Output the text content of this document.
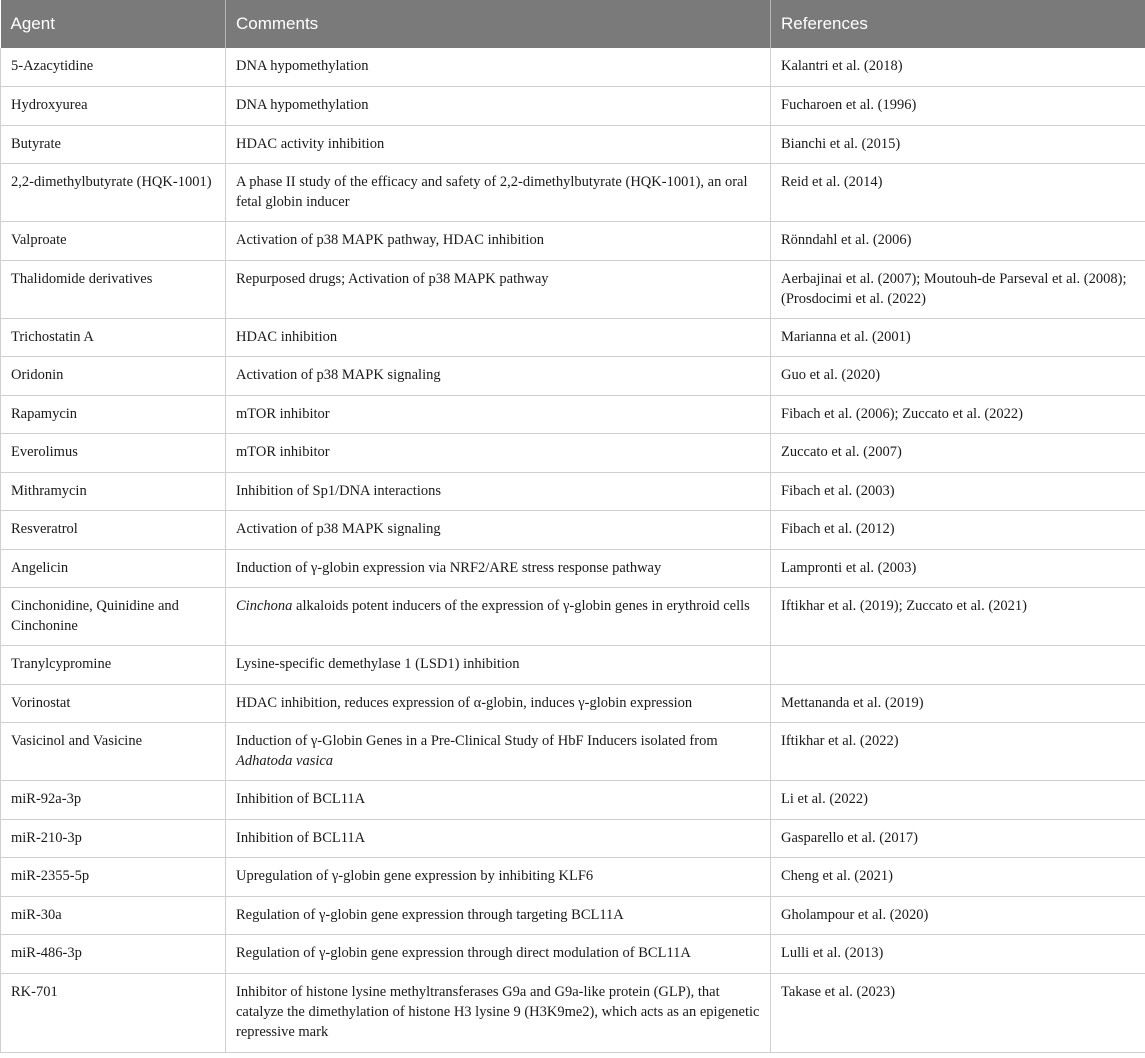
Agent	Comments	References
5-Azacytidine	DNA hypomethylation	Kalantri et al. (2018)
Hydroxyurea	DNA hypomethylation	Fucharoen et al. (1996)
Butyrate	HDAC activity inhibition	Bianchi et al. (2015)
2,2-dimethylbutyrate (HQK-1001)	A phase II study of the efficacy and safety of 2,2-dimethylbutyrate (HQK-1001), an oral fetal globin inducer	Reid et al. (2014)
Valproate	Activation of p38 MAPK pathway, HDAC inhibition	Rönndahl et al. (2006)
Thalidomide derivatives	Repurposed drugs; Activation of p38 MAPK pathway	Aerbajinai et al. (2007); Moutouh-de Parseval et al. (2008); (Prosdocimi et al. (2022)
Trichostatin A	HDAC inhibition	Marianna et al. (2001)
Oridonin	Activation of p38 MAPK signaling	Guo et al. (2020)
Rapamycin	mTOR inhibitor	Fibach et al. (2006); Zuccato et al. (2022)
Everolimus	mTOR inhibitor	Zuccato et al. (2007)
Mithramycin	Inhibition of Sp1/DNA interactions	Fibach et al. (2003)
Resveratrol	Activation of p38 MAPK signaling	Fibach et al. (2012)
Angelicin	Induction of γ-globin expression via NRF2/ARE stress response pathway	Lampronti et al. (2003)
Cinchonidine, Quinidine and Cinchonine	Cinchona alkaloids potent inducers of the expression of γ-globin genes in erythroid cells	Iftikhar et al. (2019); Zuccato et al. (2021)
Tranylcypromine	Lysine-specific demethylase 1 (LSD1) inhibition	
Vorinostat	HDAC inhibition, reduces expression of α-globin, induces γ-globin expression	Mettananda et al. (2019)
Vasicinol and Vasicine	Induction of γ-Globin Genes in a Pre-Clinical Study of HbF Inducers isolated from Adhatoda vasica	Iftikhar et al. (2022)
miR-92a-3p	Inhibition of BCL11A	Li et al. (2022)
miR-210-3p	Inhibition of BCL11A	Gasparello et al. (2017)
miR-2355-5p	Upregulation of γ-globin gene expression by inhibiting KLF6	Cheng et al. (2021)
miR-30a	Regulation of γ-globin gene expression through targeting BCL11A	Gholampour et al. (2020)
miR-486-3p	Regulation of γ-globin gene expression through direct modulation of BCL11A	Lulli et al. (2013)
RK-701	Inhibitor of histone lysine methyltransferases G9a and G9a-like protein (GLP), that catalyze the dimethylation of histone H3 lysine 9 (H3K9me2), which acts as an epigenetic repressive mark	Takase et al. (2023)
